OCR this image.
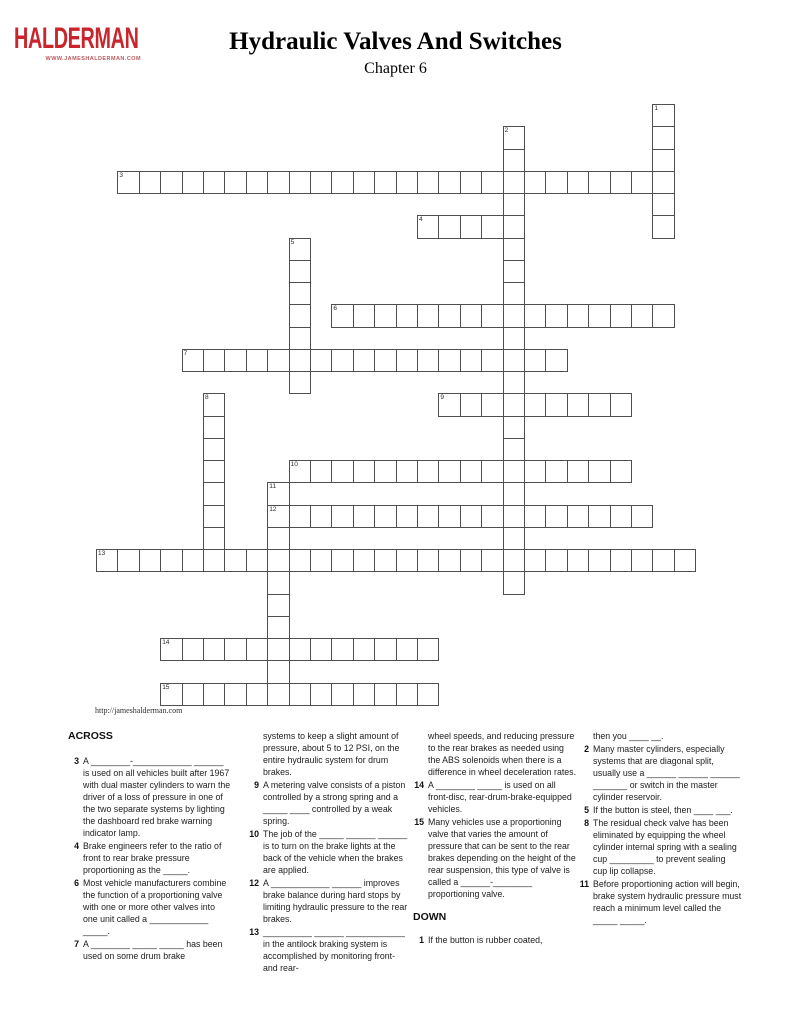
HALDERMAN
WWW.JAMESHALDERMAN.COM
Hydraulic Valves And Switches
Chapter 6
1
2
3
4
5
6
7
8	9
10
11
12
13
14
15
http://jameshalderman.com
ACROSS
3 A ________-____________ ______ is used on all vehicles built after 1967 with dual master cylinders to warn the driver of a loss of pressure in one of the two separate systems by lighting the dashboard red brake warning indicator lamp.
4 Brake engineers refer to the ratio of front to rear brake pressure proportioning as the _____.
6 Most vehicle manufacturers combine the function of a proportioning valve with one or more other valves into one unit called a ____________ _____.
7 A ________ _____ _____ has been used on some drum brake
systems to keep a slight amount of pressure, about 5 to 12 PSI, on the entire hydraulic system for drum brakes.
9 A metering valve consists of a piston controlled by a strong spring and a _____ ____ controlled by a weak spring.
10 The job of the _____ ______ ______ is to turn on the brake lights at the back of the vehicle when the brakes are applied.
12 A ____________ ______ improves brake balance during hard stops by limiting hydraulic pressure to the rear brakes.
13 __________ ______ ____________ in the antilock braking system is accomplished by monitoring front- and rear-
wheel speeds, and reducing pressure to the rear brakes as needed using the ABS solenoids when there is a difference in wheel deceleration rates.
14 A ________ _____ is used on all front-disc, rear-drum-brake-equipped vehicles.
15 Many vehicles use a proportioning valve that varies the amount of pressure that can be sent to the rear brakes depending on the height of the rear suspension, this type of valve is called a ______-________ proportioning valve.
DOWN
1 If the button is rubber coated,
then you ____ __.
2 Many master cylinders, especially systems that are diagonal split, usually use a ______ ______ ______ _______ or switch in the master cylinder reservoir.
5 If the button is steel, then ____ ___.
8 The residual check valve has been eliminated by equipping the wheel cylinder internal spring with a sealing cup _________ to prevent sealing cup lip collapse.
11 Before proportioning action will begin, brake system hydraulic pressure must reach a minimum level called the _____ _____.
